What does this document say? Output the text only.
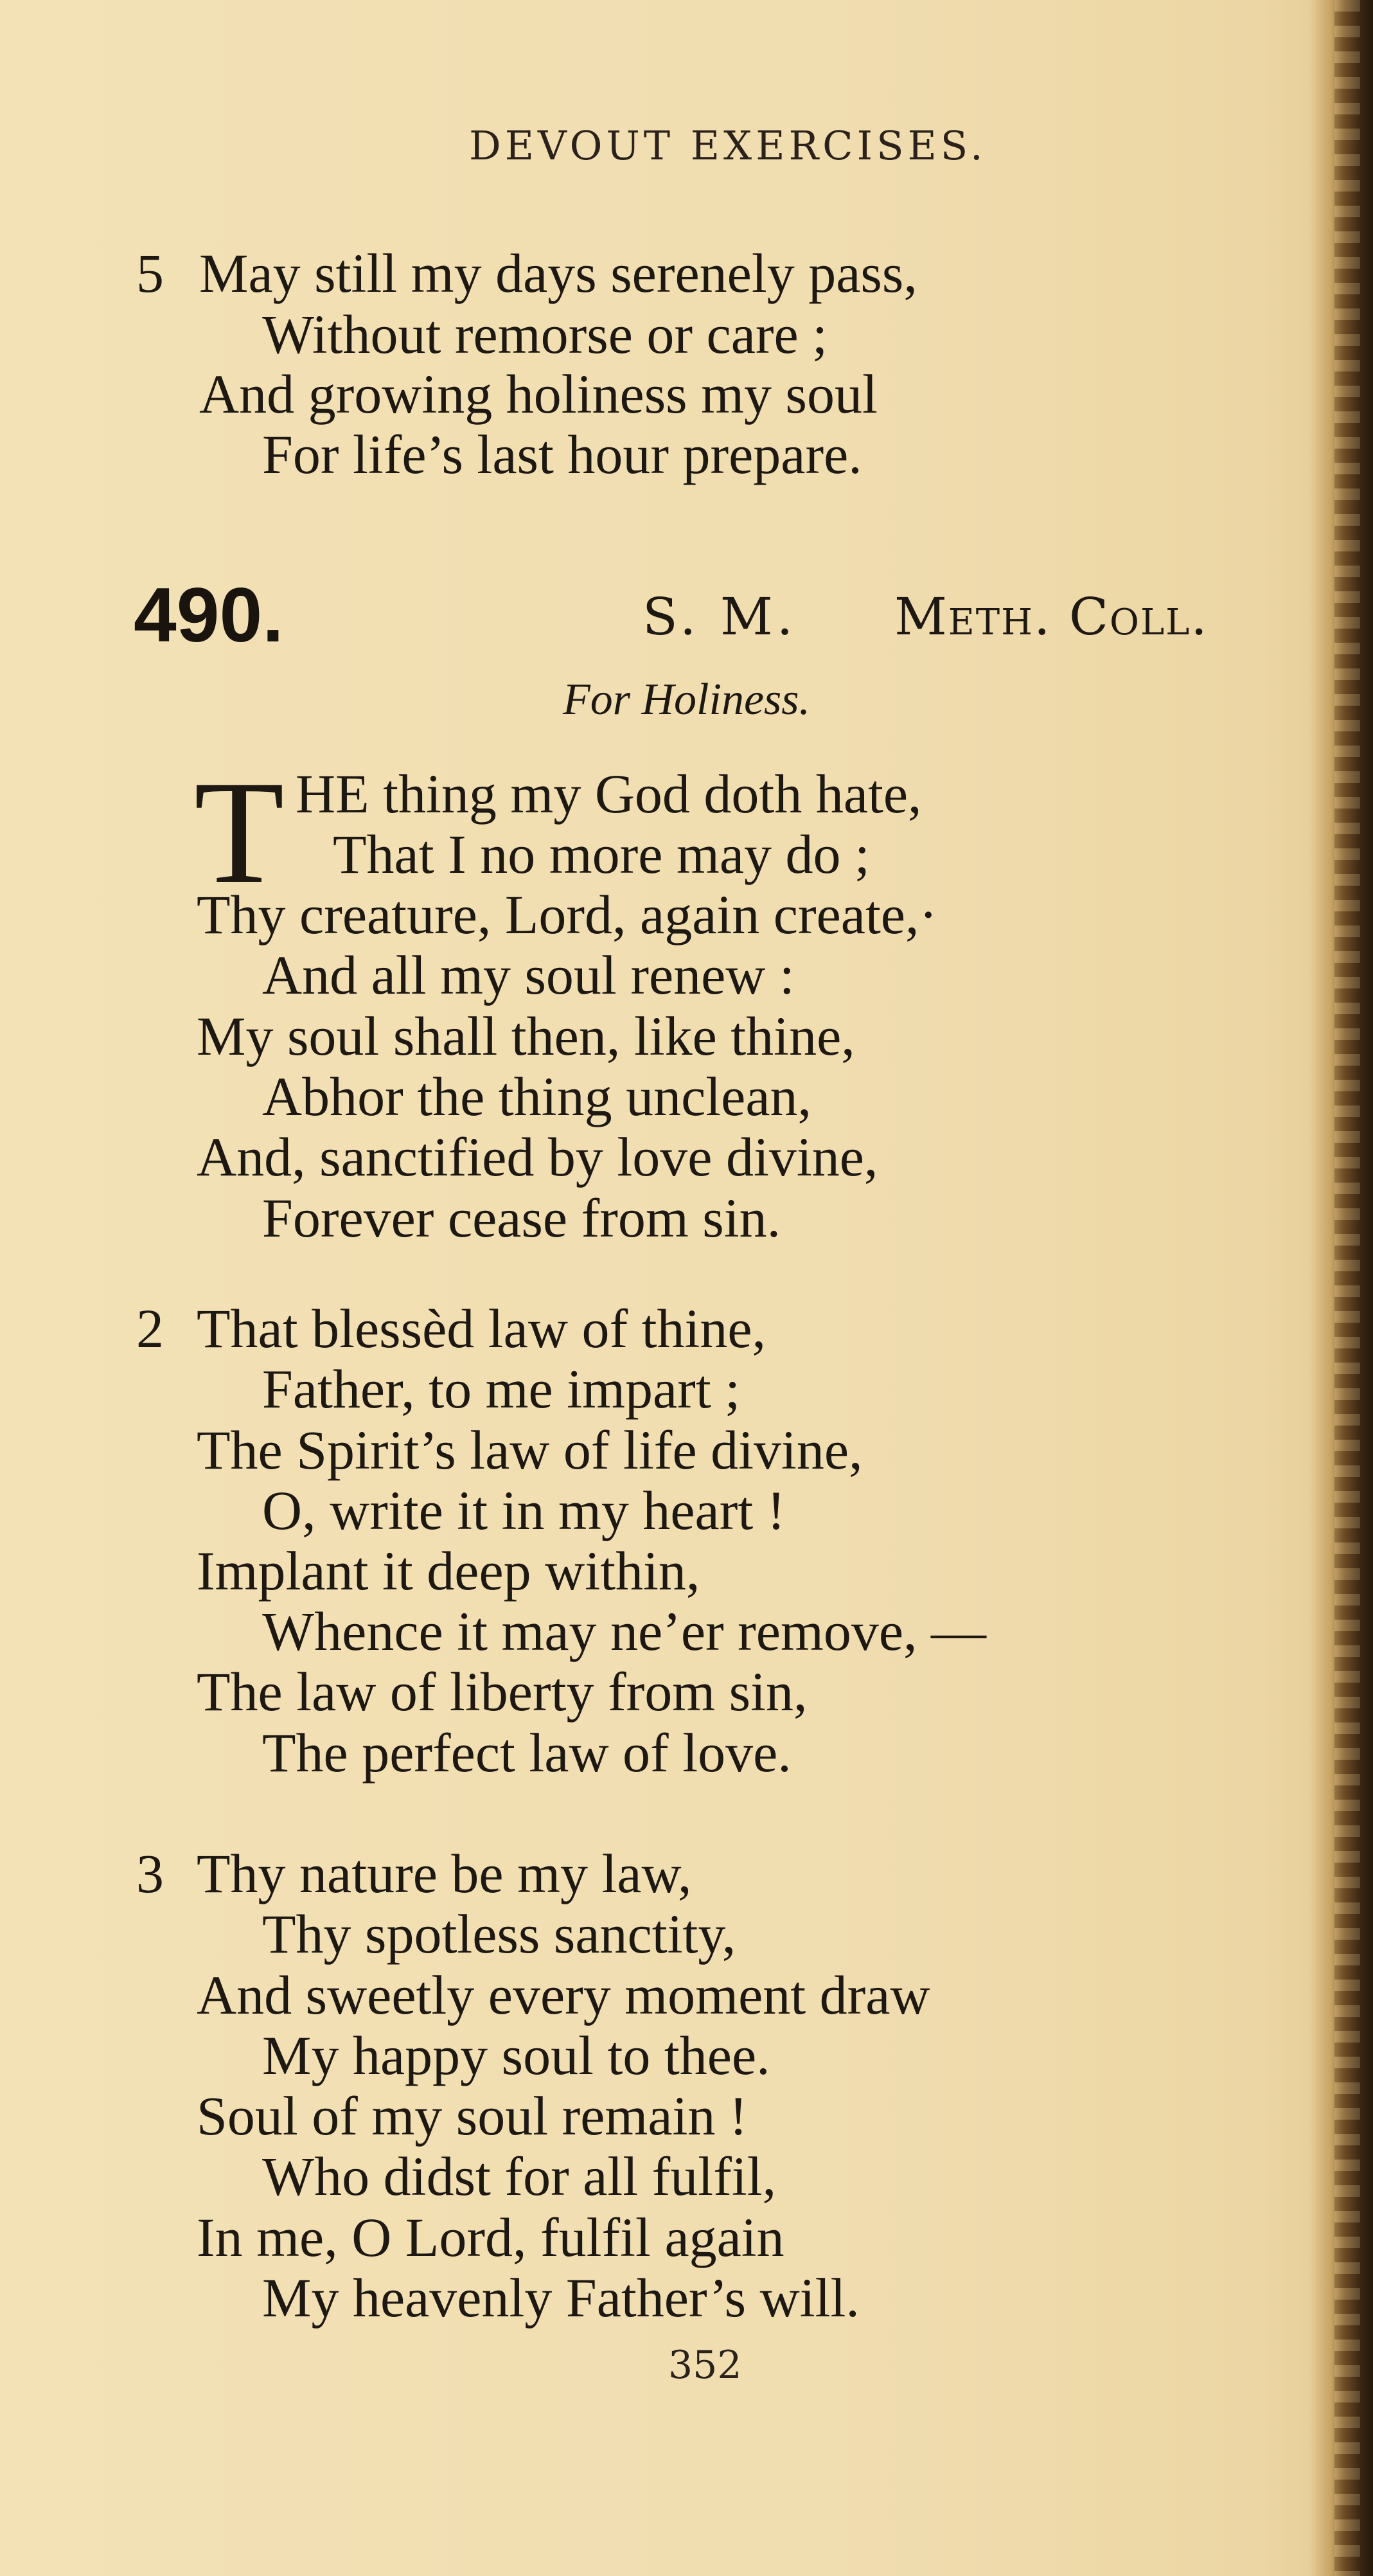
DEVOUT EXERCISES.
5 May still my days serenely pass,
Without remorse or care ;
And growing holiness my soul
For life’s last hour prepare.
490.	S. M. Meth. Coll.
For Holiness.
T HE thing my God doth hate,
That I no more may do ;
Thy creature, Lord, again create,·
And all my soul renew :
My soul shall then, like thine,
Abhor the thing unclean,
And, sanctified by love divine,
Forever cease from sin.
2 That blessèd law of thine,
Father, to me impart ;
The Spirit’s law of life divine,
O, write it in my heart !
Implant it deep within,
Whence it may ne’er remove, —
The law of liberty from sin,
The perfect law of love.
3 Thy nature be my law,
Thy spotless sanctity,
And sweetly every moment draw
My happy soul to thee.
Soul of my soul remain !
Who didst for all fulfil,
In me, O Lord, fulfil again
My heavenly Father’s will.
352
